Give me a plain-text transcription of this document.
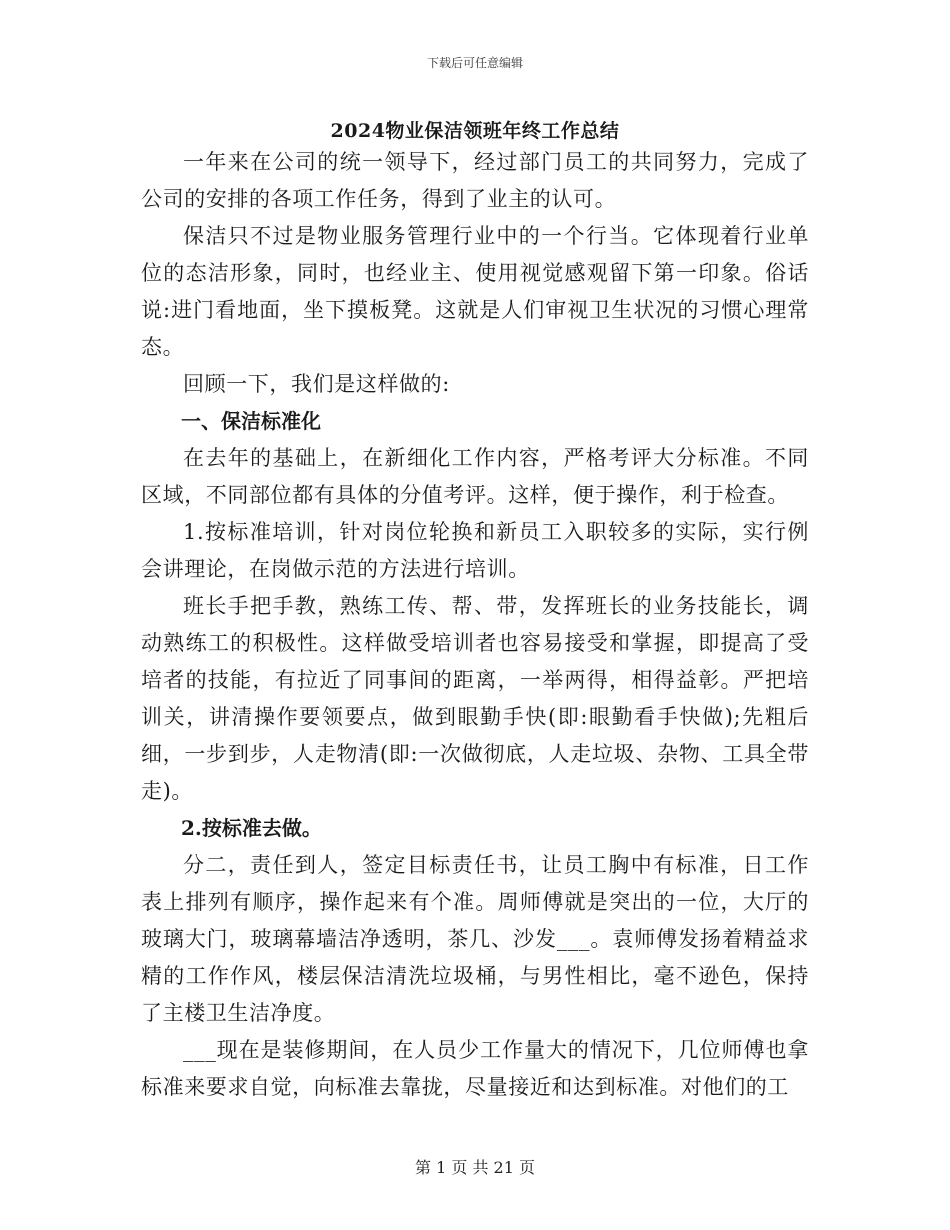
下载后可任意编辑
2024物业保洁领班年终工作总结

一年来在公司的统一领导下，经过部门员工的共同努力，完成了公司的安排的各项工作任务，得到了业主的认可。

保洁只不过是物业服务管理行业中的一个行当。它体现着行业单位的态洁形象，同时，也经业主、使用视觉感观留下第一印象。俗话说:进门看地面，坐下摸板凳。这就是人们审视卫生状况的习惯心理常态。

回顾一下，我们是这样做的:

一、保洁标准化

在去年的基础上，在新细化工作内容，严格考评大分标准。不同区域，不同部位都有具体的分值考评。这样，便于操作，利于检查。

1.按标准培训，针对岗位轮换和新员工入职较多的实际，实行例会讲理论，在岗做示范的方法进行培训。

班长手把手教，熟练工传、帮、带，发挥班长的业务技能长，调动熟练工的积极性。这样做受培训者也容易接受和掌握，即提高了受培者的技能，有拉近了同事间的距离，一举两得，相得益彰。严把培训关，讲清操作要领要点，做到眼勤手快(即:眼勤看手快做);先粗后细，一步到步，人走物清(即:一次做彻底，人走垃圾、杂物、工具全带走)。

2.按标准去做。

分二，责任到人，签定目标责任书，让员工胸中有标准，日工作表上排列有顺序，操作起来有个准。周师傅就是突出的一位，大厅的玻璃大门，玻璃幕墙洁净透明，茶几、沙发___。袁师傅发扬着精益求精的工作作风，楼层保洁清洗垃圾桶，与男性相比，毫不逊色，保持了主楼卫生洁净度。

___现在是装修期间，在人员少工作量大的情况下，几位师傅也拿标准来要求自觉，向标准去靠拢，尽量接近和达到标准。对他们的工

第 1 页 共 21 页
